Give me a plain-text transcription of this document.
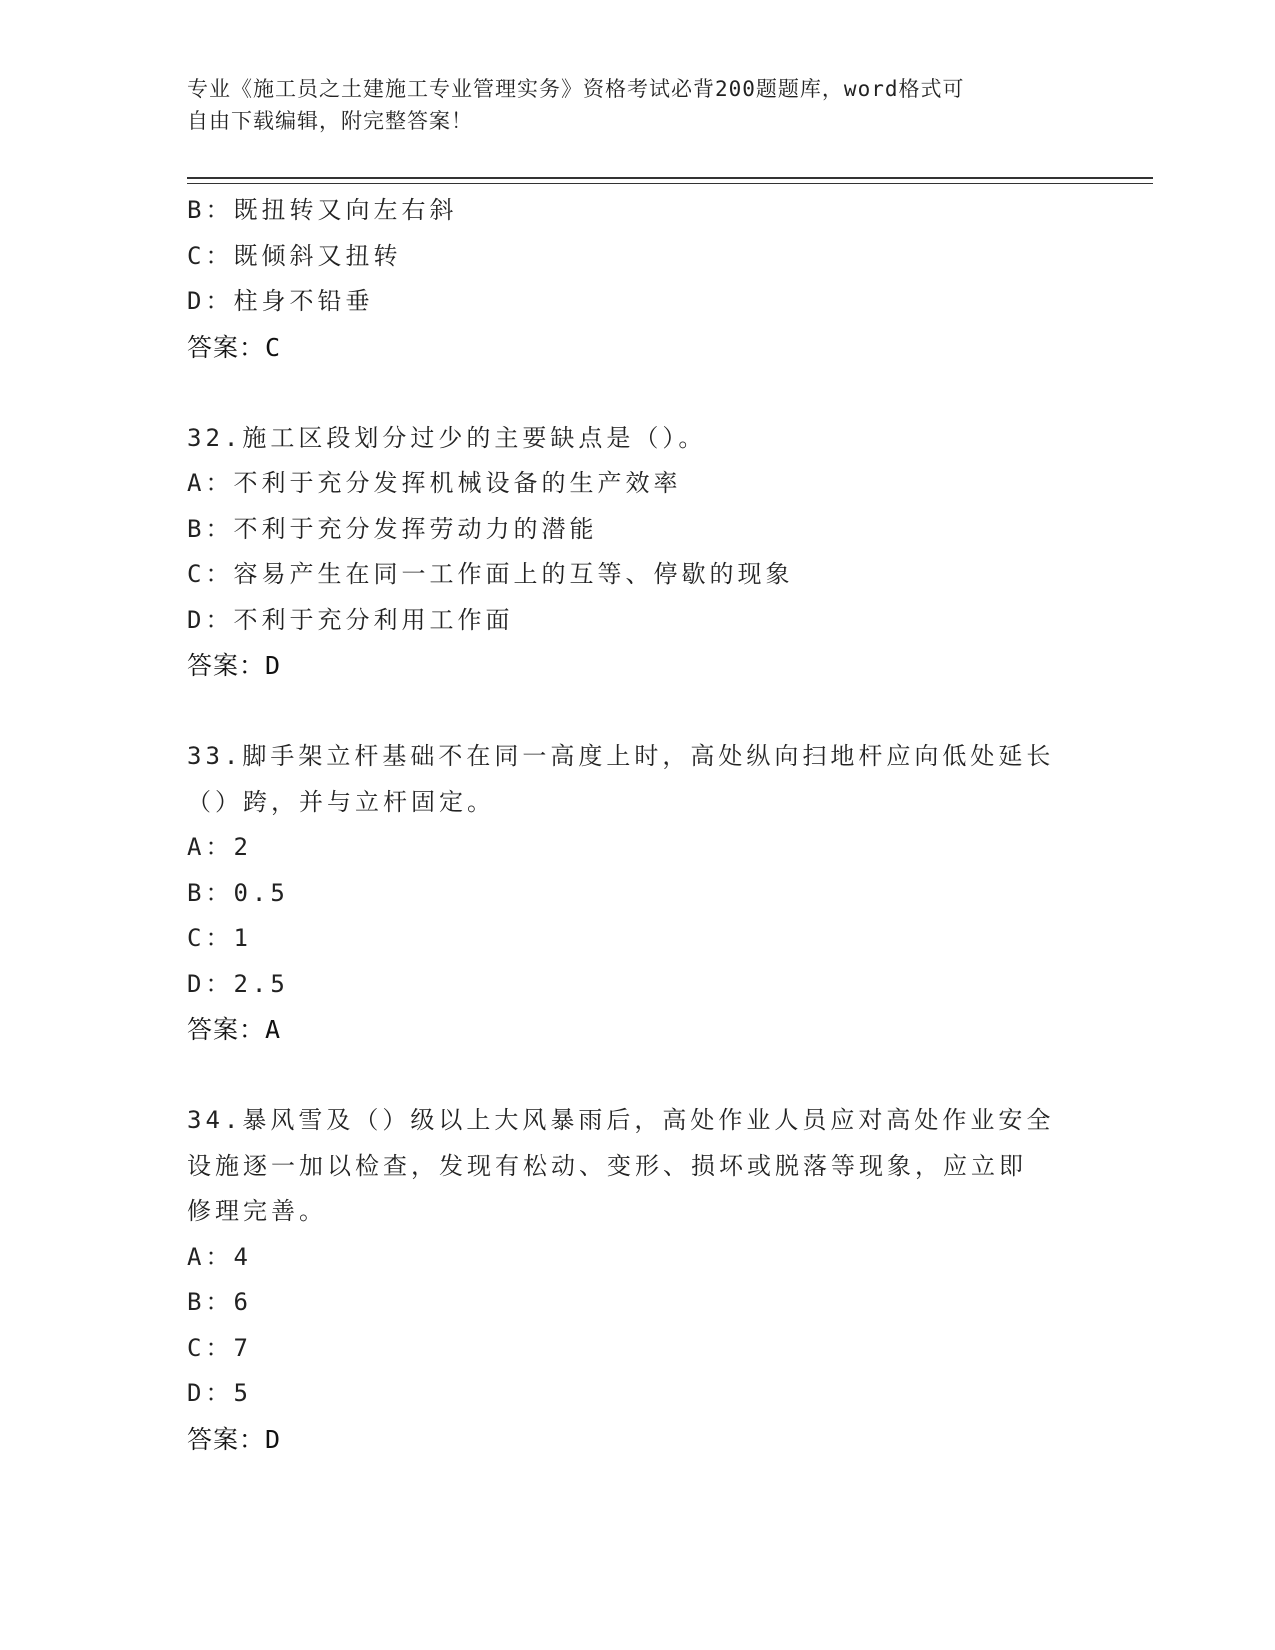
专业《施工员之土建施工专业管理实务》资格考试必背200题题库，word格式可
自由下载编辑，附完整答案！
B：既扭转又向左右斜
C：既倾斜又扭转
D：柱身不铅垂
答案：C
32.施工区段划分过少的主要缺点是（）。
A：不利于充分发挥机械设备的生产效率
B：不利于充分发挥劳动力的潜能
C：容易产生在同一工作面上的互等、停歇的现象
D：不利于充分利用工作面
答案：D
33.脚手架立杆基础不在同一高度上时，高处纵向扫地杆应向低处延长
（）跨，并与立杆固定。
A：2
B：0.5
C：1
D：2.5
答案：A
34.暴风雪及（）级以上大风暴雨后，高处作业人员应对高处作业安全
设施逐一加以检查，发现有松动、变形、损坏或脱落等现象，应立即
修理完善。
A：4
B：6
C：7
D：5
答案：D
